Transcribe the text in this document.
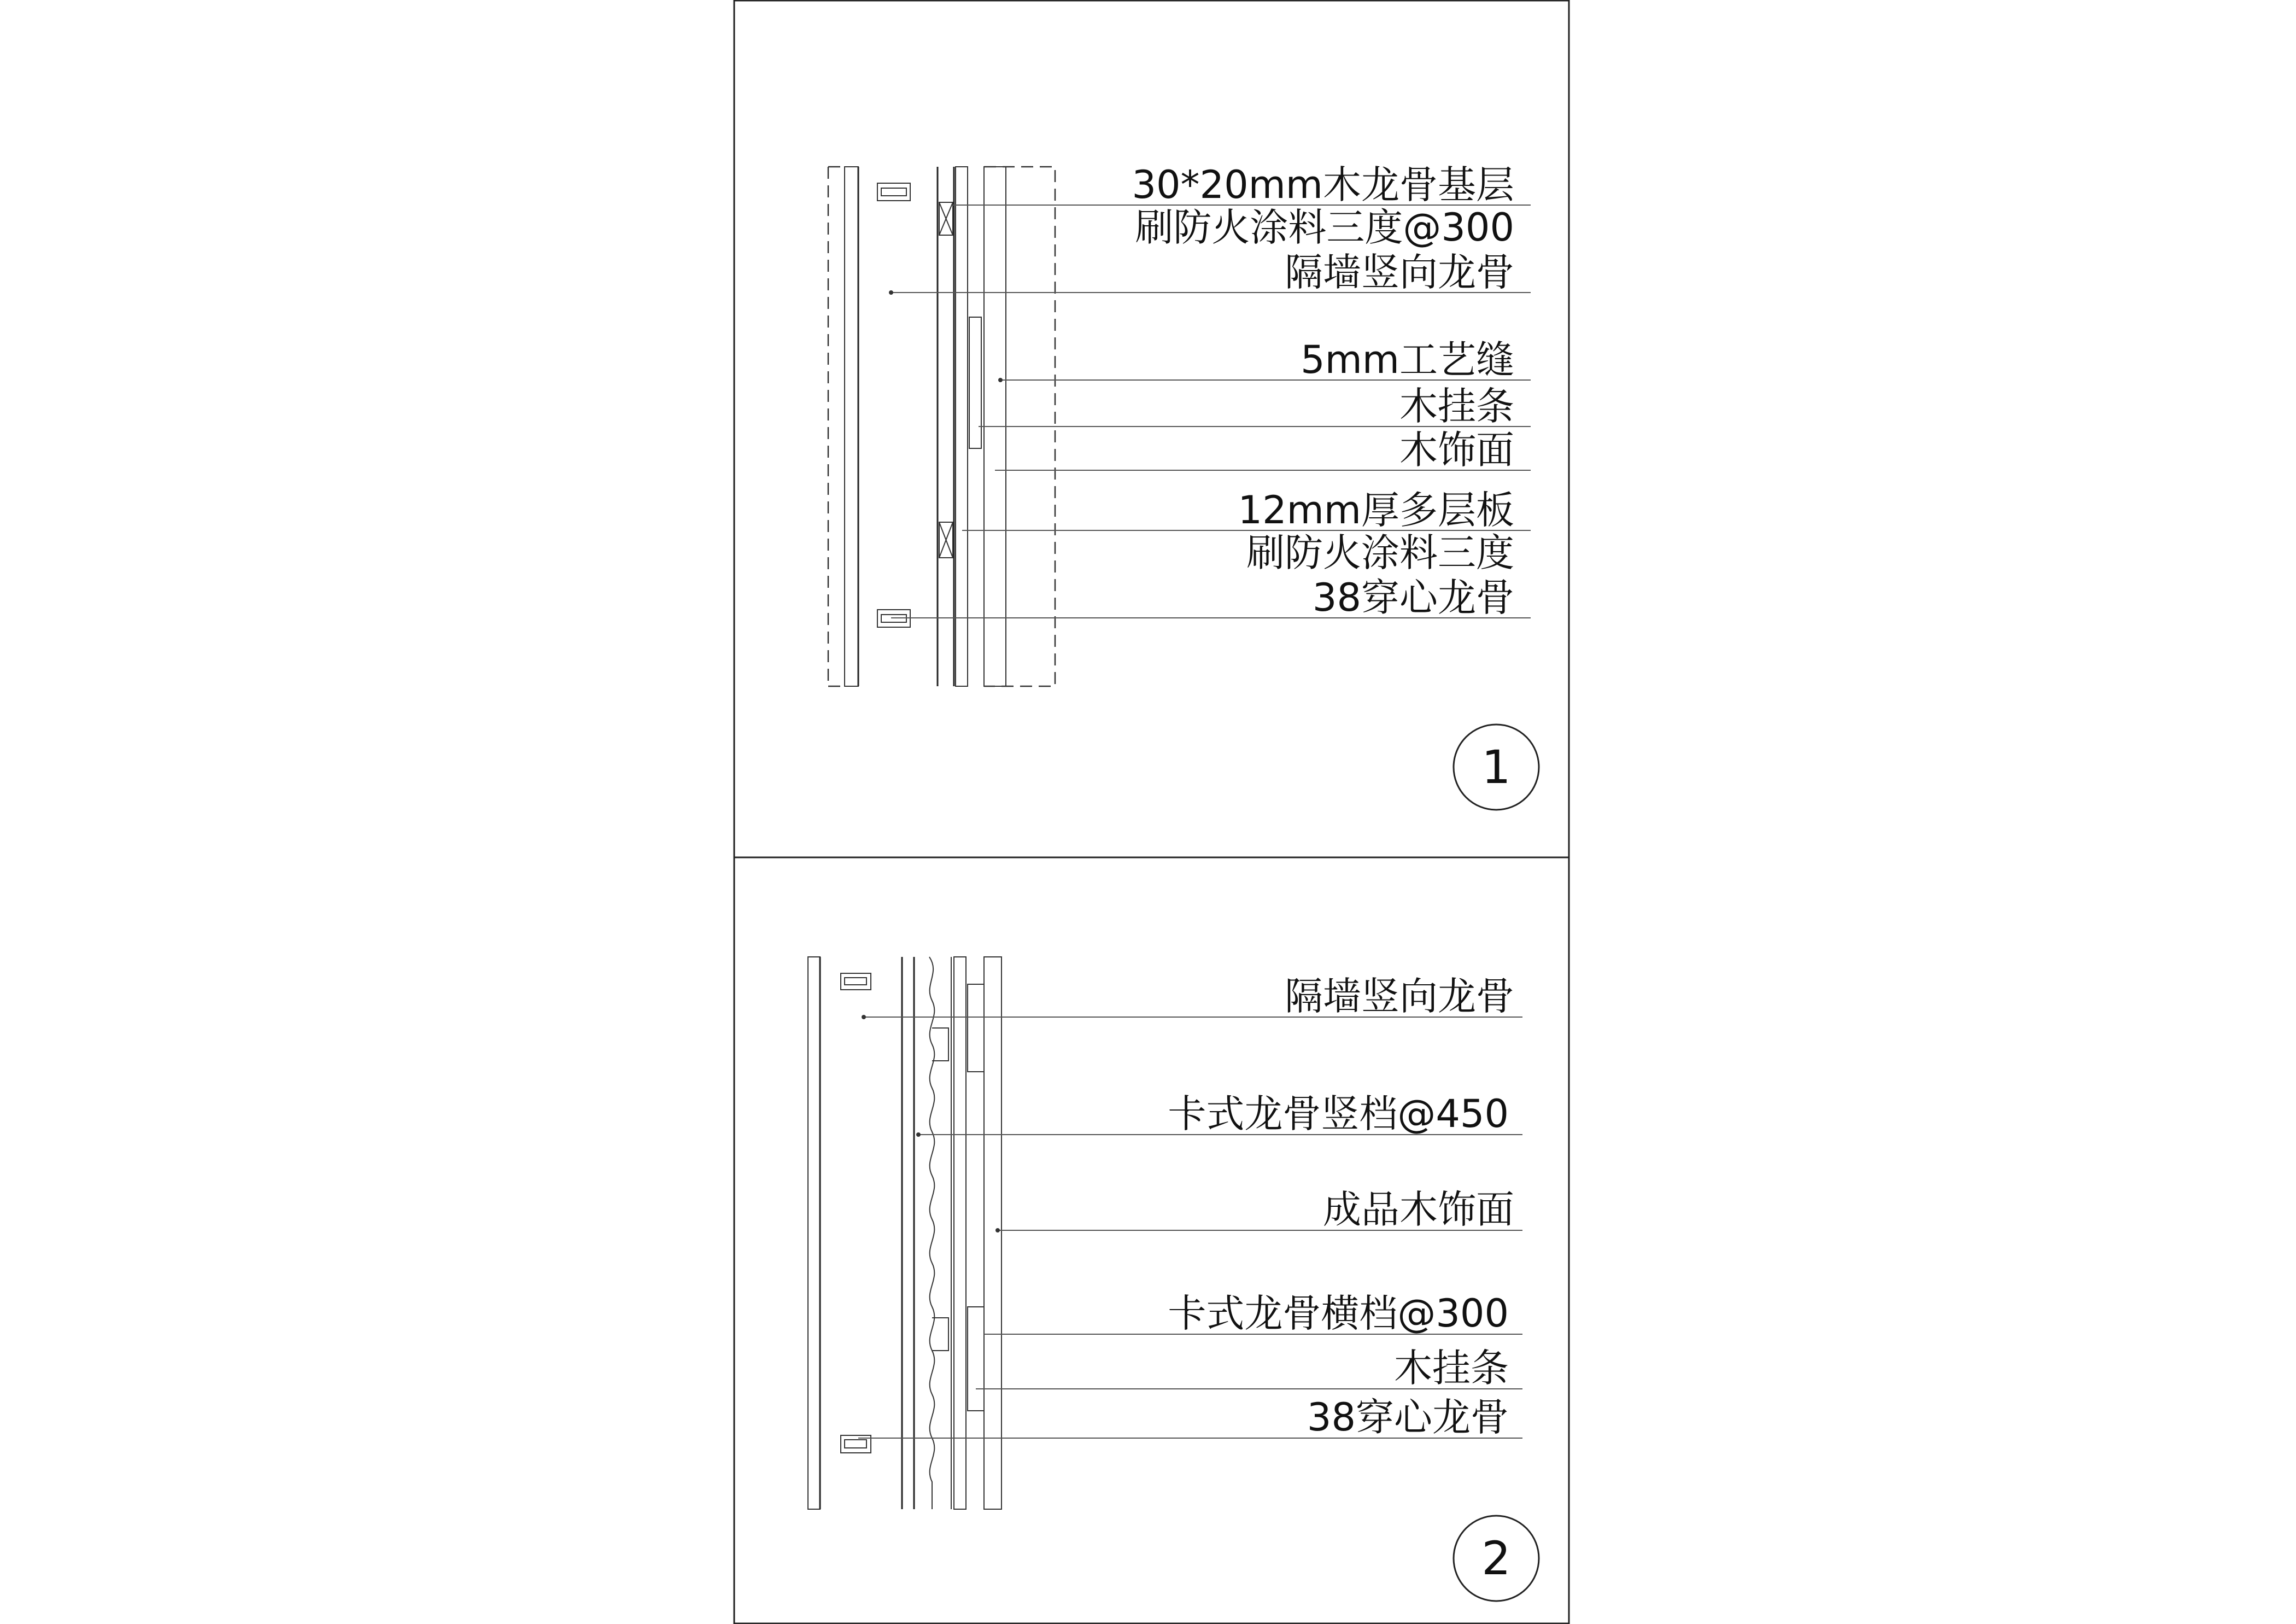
30*20mm木龙骨基层
刷防火涂料三度@300
隔墙竖向龙骨
5mm工艺缝
木挂条
木饰面
12mm厚多层板
刷防火涂料三度
38穿心龙骨
1
隔墙竖向龙骨
卡式龙骨竖档@450
成品木饰面
卡式龙骨横档@300
木挂条
38穿心龙骨
2
